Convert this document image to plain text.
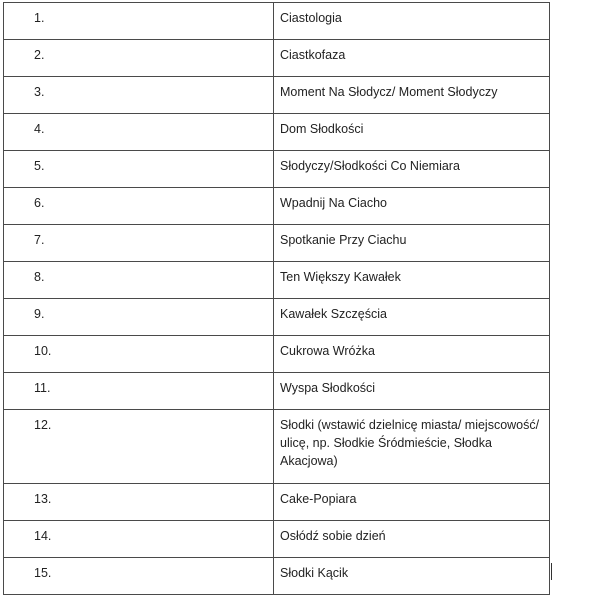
1.	Ciastologia
2.	Ciastkofaza
3.	Moment Na Słodycz/ Moment Słodyczy
4.	Dom Słodkości
5.	Słodyczy/Słodkości Co Niemiara
6.	Wpadnij Na Ciacho
7.	Spotkanie Przy Ciachu
8.	Ten Większy Kawałek
9.	Kawałek Szczęścia
10.	Cukrowa Wróżka
11.	Wyspa Słodkości
12.	Słodki (wstawić dzielnicę miasta/ miejscowość/ ulicę, np. Słodkie Śródmieście, Słodka Akacjowa)
13.	Cake-Popiara
14.	Osłódź sobie dzień
15.	Słodki Kącik
